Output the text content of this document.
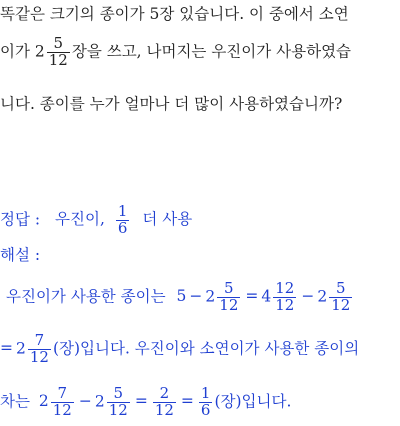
똑같은 크기의 종이가 5장 있습니다. 이 중에서 소연
이가 $2 \frac{5}{12}$ 장을 쓰고, 나머지는 우진이가 사용하였습
니다. 종이를 누가 얼마나 더 많이 사용하였습니까?
정답 : 우진이, $\frac{1}{6}$ 더 사용
해설 :
우진이가 사용한 종이는 $5 - 2 \frac{5}{12} = 4 \frac{12}{12} - 2 \frac{5}{12}$
= $2 \frac{7}{12}$ (장)입니다. 우진이와 소연이가 사용한 종이의
차는 $2 \frac{7}{12} - 2 \frac{5}{12} = \frac{2}{12} = \frac{1}{6}$ (장)입니다.
